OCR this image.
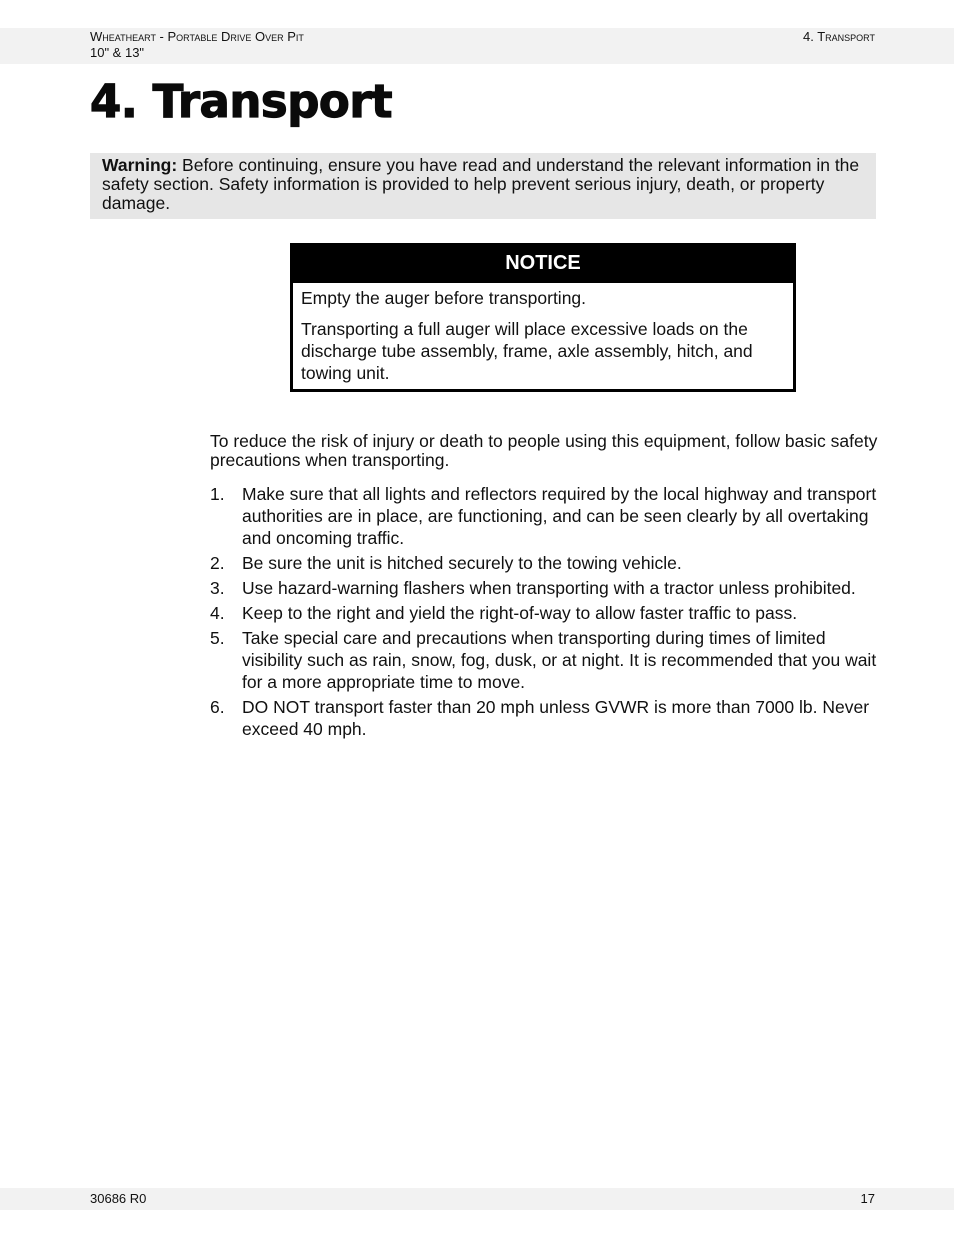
Wheatheart - Portable Drive Over Pit
10" & 13"
4. Transport
4. Transport
Warning: Before continuing, ensure you have read and understand the relevant information in the safety section. Safety information is provided to help prevent serious injury, death, or property damage.
NOTICE

Empty the auger before transporting.

Transporting a full auger will place excessive loads on the discharge tube assembly, frame, axle assembly, hitch, and towing unit.

To reduce the risk of injury or death to people using this equipment, follow basic safety precautions when transporting.

1. Make sure that all lights and reflectors required by the local highway and transport authorities are in place, are functioning, and can be seen clearly by all overtaking and oncoming traffic.
2. Be sure the unit is hitched securely to the towing vehicle.
3. Use hazard-warning flashers when transporting with a tractor unless prohibited.
4. Keep to the right and yield the right-of-way to allow faster traffic to pass.
5. Take special care and precautions when transporting during times of limited visibility such as rain, snow, fog, dusk, or at night. It is recommended that you wait for a more appropriate time to move.
6. DO NOT transport faster than 20 mph unless GVWR is more than 7000 lb. Never exceed 40 mph.
30686 R0	17
